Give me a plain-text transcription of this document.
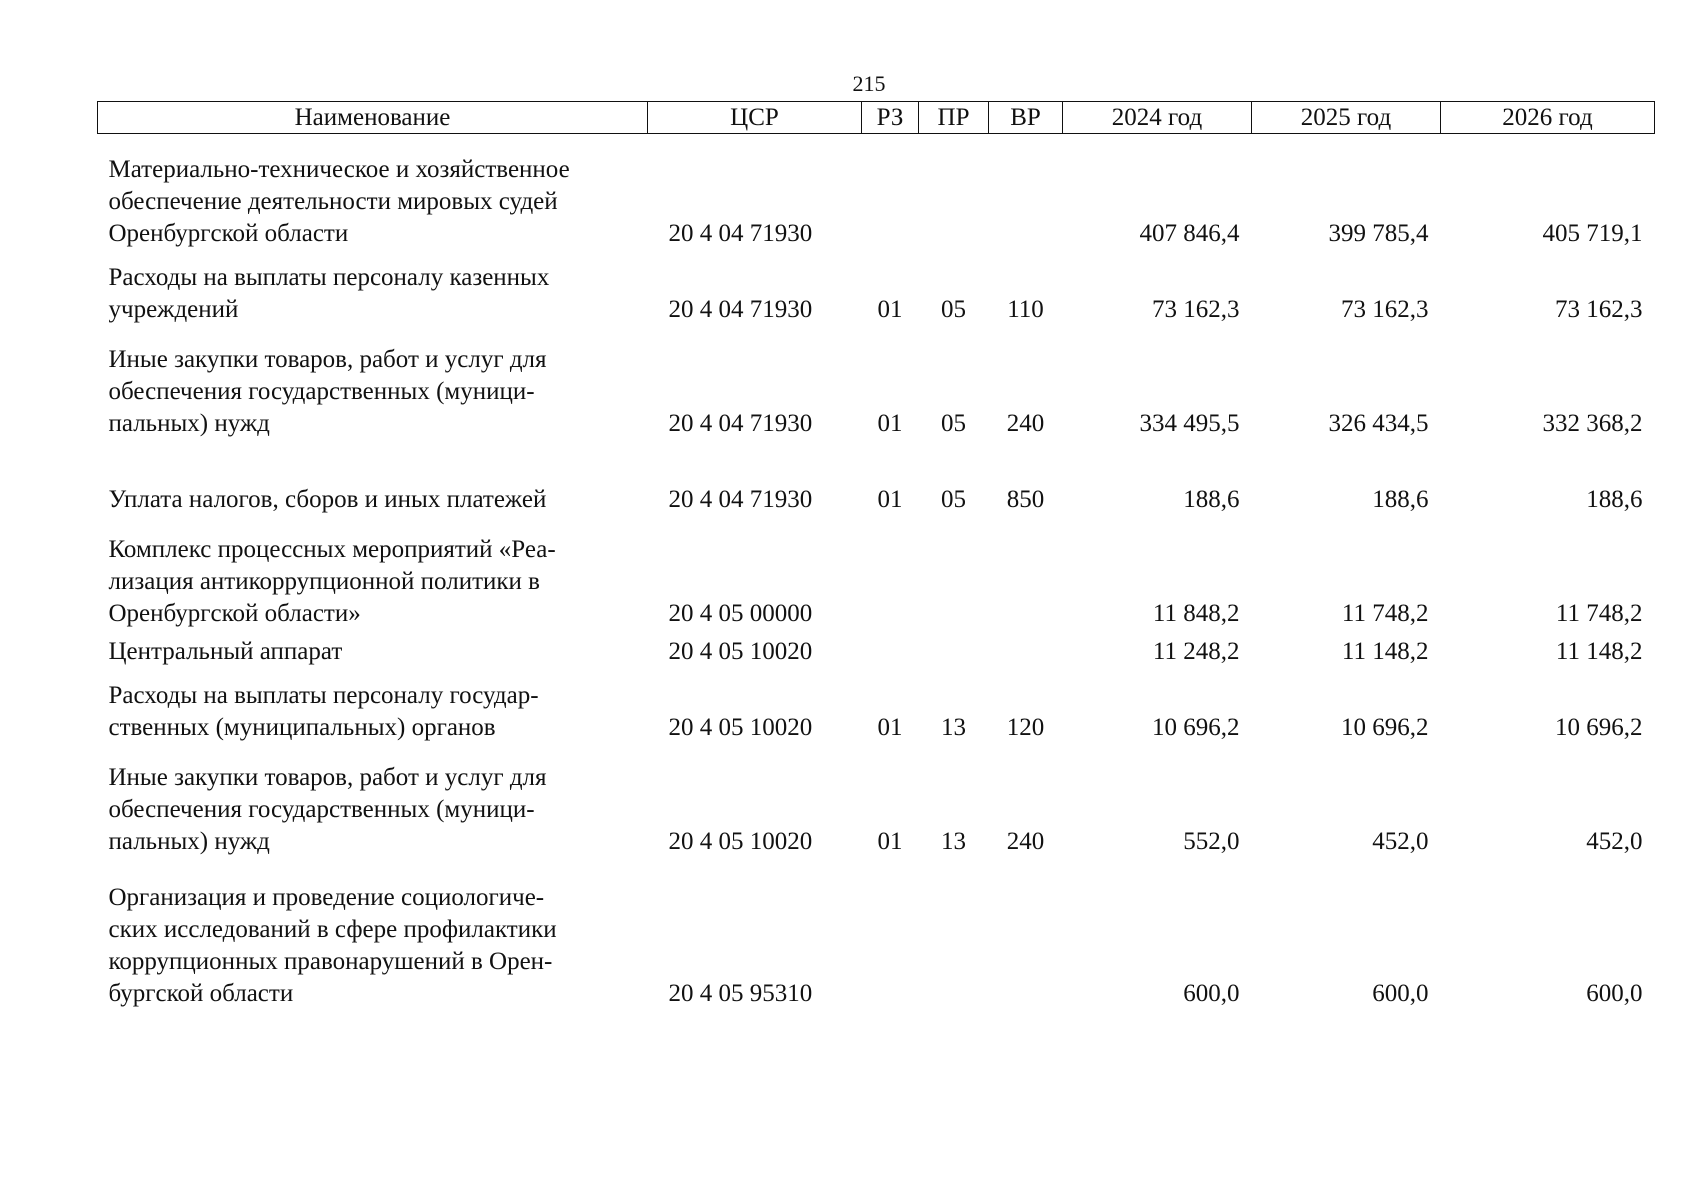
215
Наименование	ЦСР	РЗ	ПР	ВР	2024 год	2025 год	2026 год

Материально-техническое и хозяйственное
обеспечение деятельности мировых судей
Оренбургской области	20 4 04 71930				407 846,4	399 785,4	405 719,1

Расходы на выплаты персоналу казенных
учреждений	20 4 04 71930	01	05	110	73 162,3	73 162,3	73 162,3

Иные закупки товаров, работ и услуг для
обеспечения государственных (муници-
пальных) нужд	20 4 04 71930	01	05	240	334 495,5	326 434,5	332 368,2

Уплата налогов, сборов и иных платежей	20 4 04 71930	01	05	850	188,6	188,6	188,6

Комплекс процессных мероприятий «Реа-
лизация антикоррупционной политики в
Оренбургской области»	20 4 05 00000				11 848,2	11 748,2	11 748,2

Центральный аппарат	20 4 05 10020				11 248,2	11 148,2	11 148,2

Расходы на выплаты персоналу государ-
ственных (муниципальных) органов	20 4 05 10020	01	13	120	10 696,2	10 696,2	10 696,2

Иные закупки товаров, работ и услуг для
обеспечения государственных (муници-
пальных) нужд	20 4 05 10020	01	13	240	552,0	452,0	452,0

Организация и проведение социологиче-
ских исследований в сфере профилактики
коррупционных правонарушений в Орен-
бургской области	20 4 05 95310				600,0	600,0	600,0
